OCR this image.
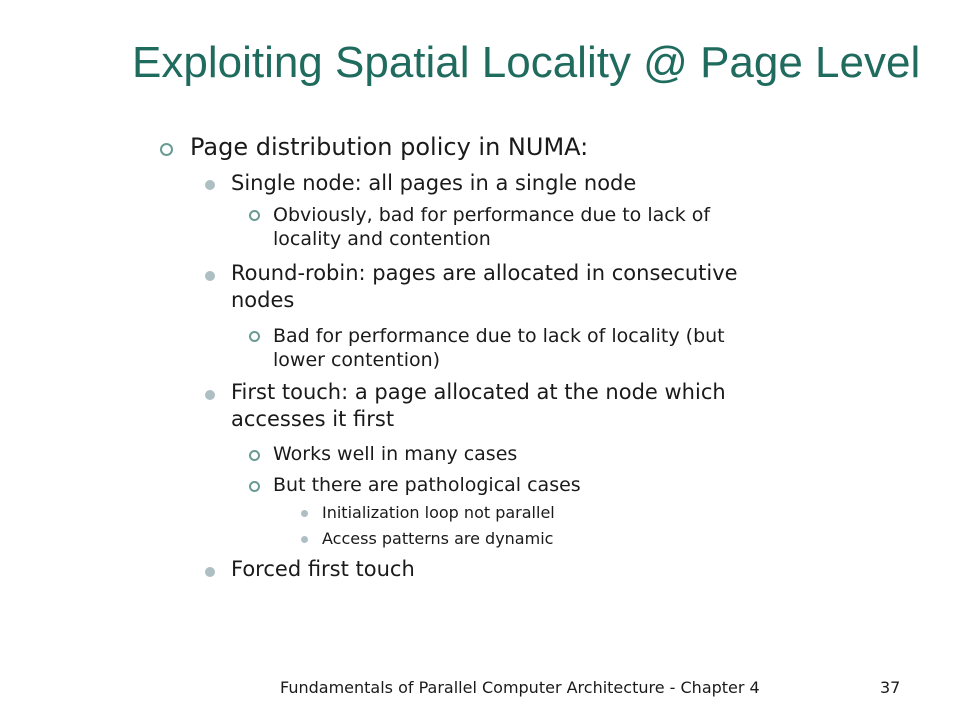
Exploiting Spatial Locality @ Page Level
Page distribution policy in NUMA:
Single node: all pages in a single node
Obviously, bad for performance due to lack of
locality and contention
Round-robin: pages are allocated in consecutive
nodes
Bad for performance due to lack of locality (but
lower contention)
First touch: a page allocated at the node which
accesses it first
Works well in many cases
But there are pathological cases
Initialization loop not parallel
Access patterns are dynamic
Forced first touch
Fundamentals of Parallel Computer Architecture - Chapter 4	37
